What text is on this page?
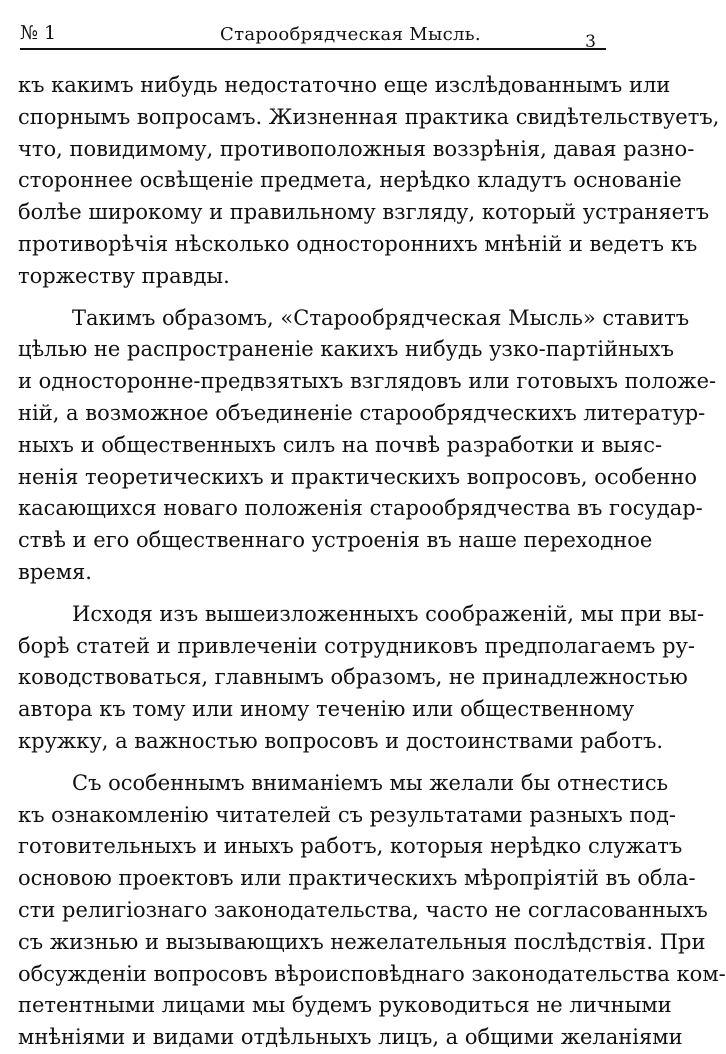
№ 1	Старообрядческая Мысль.	3

къ какимъ нибудь недостаточно еще изслѣдованнымъ или
спорнымъ вопросамъ. Жизненная практика свидѣтельствуетъ,
что, повидимому, противоположныя воззрѣнія, давая разно-
стороннее освѣщеніе предмета, нерѣдко кладутъ основаніе
болѣе широкому и правильному взгляду, который устраняетъ
противорѣчія нѣсколько одностороннихъ мнѣній и ведетъ къ
торжеству правды.

Такимъ образомъ, «Старообрядческая Мысль» ставитъ
цѣлью не распространеніе какихъ нибудь узко-партійныхъ
и односторонне-предвзятыхъ взглядовъ или готовыхъ положе-
ній, а возможное объединеніе старообрядческихъ литератур-
ныхъ и общественныхъ силъ на почвѣ разработки и выяс-
ненія теоретическихъ и практическихъ вопросовъ, особенно
касающихся новаго положенія старообрядчества въ государ-
ствѣ и его общественнаго устроенія въ наше переходное
время.

Исходя изъ вышеизложенныхъ соображеній, мы при вы-
борѣ статей и привлеченіи сотрудниковъ предполагаемъ ру-
ководствоваться, главнымъ образомъ, не принадлежностью
автора къ тому или иному теченію или общественному
кружку, а важностью вопросовъ и достоинствами работъ.

Съ особеннымъ вниманіемъ мы желали бы отнестись
къ ознакомленію читателей съ результатами разныхъ под-
готовительныхъ и иныхъ работъ, которыя нерѣдко служатъ
основою проектовъ или практическихъ мѣропріятій въ обла-
сти религіознаго законодательства, часто не согласованныхъ
съ жизнью и вызывающихъ нежелательныя послѣдствія. При
обсужденіи вопросовъ вѣроисповѣднаго законодательства ком-
петентными лицами мы будемъ руководиться не личными
мнѣніями и видами отдѣльныхъ лицъ, а общими желаніями
